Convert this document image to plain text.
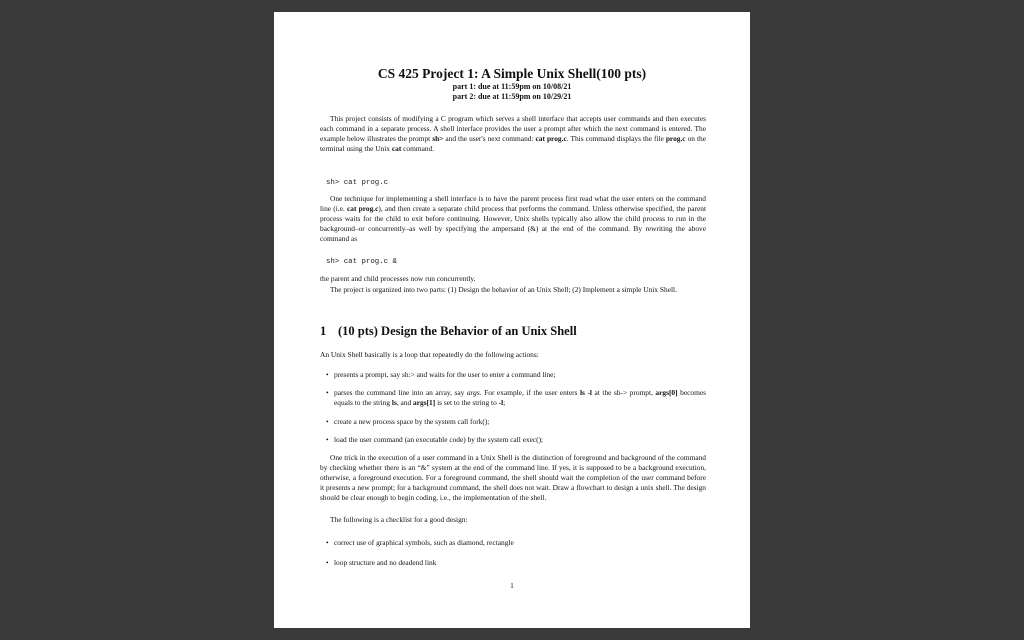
CS 425 Project 1: A Simple Unix Shell(100 pts)
part 1: due at 11:59pm on 10/08/21
part 2: due at 11:59pm on 10/29/21
This project consists of modifying a C program which serves a shell interface that accepts user commands and then executes each command in a separate process. A shell interface provides the user a prompt after which the next command is entered. The example below illustrates the prompt sh> and the user's next command: cat prog.c. This command displays the file prog.c on the terminal using the Unix cat command.
sh> cat prog.c
One technique for implementing a shell interface is to have the parent process first read what the user enters on the command line (i.e. cat prog.c), and then create a separate child process that performs the command. Unless otherwise specified, the parent process waits for the child to exit before continuing. However, Unix shells typically also allow the child process to run in the background–or concurrently–as well by specifying the ampersand (&) at the end of the command. By rewriting the above command as
sh> cat prog.c &
the parent and child processes now run concurrently.
The project is organized into two parts: (1) Design the behavior of an Unix Shell; (2) Implement a simple Unix Shell.
1 (10 pts) Design the Behavior of an Unix Shell
An Unix Shell basically is a loop that repeatedly do the following actions:
• presents a prompt, say sh:> and waits for the user to enter a command line;
• parses the command line into an array, say args. For example, if the user enters ls -l at the sh-> prompt, args[0] becomes equals to the string ls, and args[1] is set to the string to -l;
• create a new process space by the system call fork();
• load the user command (an executable code) by the system call exec();
One trick in the execution of a user command in a Unix Shell is the distinction of foreground and background of the command by checking whether there is an “&” system at the end of the command line. If yes, it is supposed to be a background execution, otherwise, a foreground execution. For a foreground command, the shell should wait the completion of the user command before it presents a new prompt; for a background command, the shell does not wait. Draw a flowchart to design a unix shell. The design should be clear enough to begin coding, i.e., the implementation of the shell.
The following is a checklist for a good design:
• correct use of graphical symbols, such as diamond, rectangle
• loop structure and no deadend link
1
